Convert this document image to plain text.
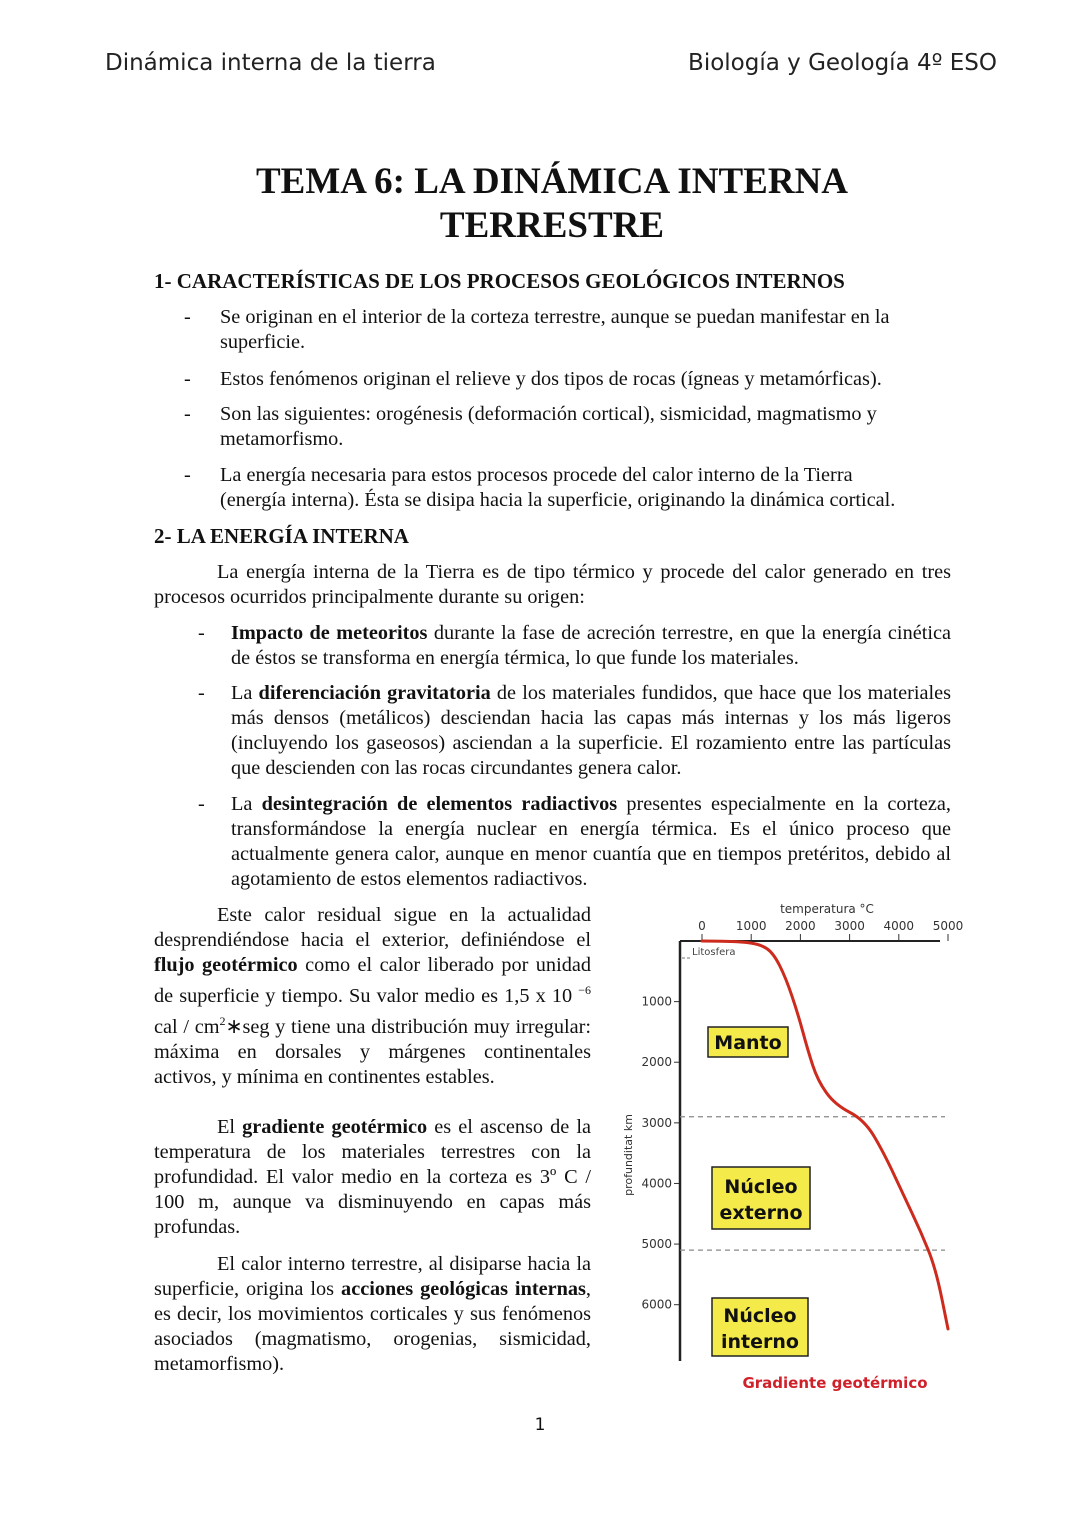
Dinámica interna de la tierra	Biología y Geología 4º ESO
TEMA 6: LA DINÁMICA INTERNA
TERRESTRE
1- CARACTERÍSTICAS DE LOS PROCESOS GEOLÓGICOS INTERNOS
- Se originan en el interior de la corteza terrestre, aunque se puedan manifestar en la
superficie.
- Estos fenómenos originan el relieve y dos tipos de rocas (ígneas y metamórficas).
- Son las siguientes: orogénesis (deformación cortical), sismicidad, magmatismo y
metamorfismo.
- La energía necesaria para estos procesos procede del calor interno de la Tierra
(energía interna). Ésta se disipa hacia la superficie, originando la dinámica cortical.
2- LA ENERGÍA INTERNA
La energía interna de la Tierra es de tipo térmico y procede del calor generado en tres procesos ocurridos principalmente durante su origen:
- Impacto de meteoritos durante la fase de acreción terrestre, en que la energía cinética de éstos se transforma en energía térmica, lo que funde los materiales.
- La diferenciación gravitatoria de los materiales fundidos, que hace que los materiales más densos (metálicos) desciendan hacia las capas más internas y los más ligeros (incluyendo los gaseosos) asciendan a la superficie. El rozamiento entre las partículas que descienden con las rocas circundantes genera calor.
- La desintegración de elementos radiactivos presentes especialmente en la corteza, transformándose la energía nuclear en energía térmica. Es el único proceso que actualmente genera calor, aunque en menor cuantía que en tiempos pretéritos, debido al agotamiento de estos elementos radiactivos.
Este calor residual sigue en la actualidad desprendiéndose hacia el exterior, definiéndose el flujo geotérmico como el calor liberado por unidad de superficie y tiempo. Su valor medio es 1,5 x 10 $^{-6}$ cal / $cm^2∗seg$ y tiene una distribución muy irregular: máxima en dorsales y márgenes continentales activos, y mínima en continentes estables.
El gradiente geotérmico es el ascenso de la temperatura de los materiales terrestres con la profundidad. El valor medio en la corteza es 3º C / 100 m, aunque va disminuyendo en capas más profundas.
El calor interno terrestre, al disiparse hacia la superficie, origina los acciones geológicas internas, es decir, los movimientos corticales y sus fenómenos asociados (magmatismo, orogenias, sismicidad, metamorfismo).
temperatura °C
0	1000 2000 3000 4000 5000
1000
2000
3000
4000
5000
6000
profunditat km
Litosfera
Manto
Núcleo
externo
Núcleo
interno
Gradiente geotérmico
1
